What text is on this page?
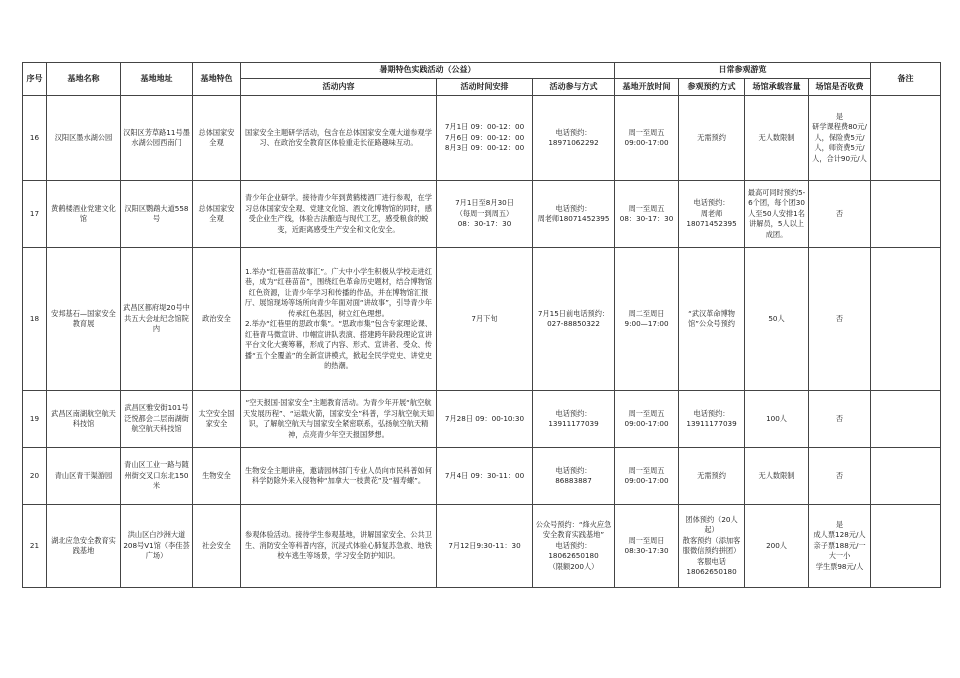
序号	基地名称	基地地址	基地特色	暑期特色实践活动（公益）			日常参观游览				备注
				活动内容	活动时间安排	活动参与方式	基地开放时间	参观预约方式	场馆承载容量	场馆是否收费	
16	汉阳区墨水湖公园	汉阳区芳草路11号墨水湖公园西南门	总体国家安全观	国家安全主题研学活动，包含在总体国家安全观大道参观学习、在政治安全教育区体验重走长征路趣味互动。	7月1日 09：00-12：00
7月6日 09：00-12：00
8月3日 09：00-12：00	电话预约：
18971062292	周一至周五
09:00-17:00	无需预约	无人数限制	是
研学课程费80元/人，保险费5元/人，师资费5元/人，合计90元/人	
17	黄鹤楼酒业党建文化馆	汉阳区鹦鹉大道558号	总体国家安全观	青少年企业研学。接待青少年到黄鹤楼酒厂进行参观，在学习总体国家安全观、党建文化馆、酒文化博物馆的同时，感受企业生产线，体验古法酿造与现代工艺，感受粮食的蜕变，近距离感受生产安全和文化安全。	7月1日至8月30日
（每周一到周五）
08：30-17：30	电话预约：
周老师18071452395	周一至周五
08：30-17：30	电话预约：
周老师
18071452395	最高可同时预约5-6个团，每个团30人至50人安排1名讲解员，5人以上成团。	否	
18	安邦基石—国家安全教育展	武昌区都府堤20号中共五大会址纪念馆院内	政治安全	1.举办“红巷苗苗故事汇”。广大中小学生积极从学校走进红巷，成为“红巷苗苗”，围绕红色革命历史题材，结合博物馆红色资源，让青少年学习和传播的作品，并在博物馆汇报厅、展馆现场等场所向青少年面对面“讲故事”，引导青少年传承红色基因，树立红色理想。
2.举办“红巷里的思政市集”。“思政市集”包含专家理论课、红巷青马微宣讲、巾帼宣讲队表演、搭建跨年龄段理论宣讲平台文化大赛筹幕，形成了内容、形式、宣讲者、受众、传播“五个全覆盖”的全新宣讲模式，掀起全民学党史、讲党史的热潮。	7月下旬	7月15日前电话预约：
027-88850322	周二至周日
9:00—17:00	“武汉革命博物馆”公众号预约	50人	否	
19	武昌区南湖航空航天科技馆	武昌区雅安街101号泛悦都会二层南湖街航空航天科技馆	太空安全国家安全	“空天报国·国家安全”主题教育活动。为青少年开展“航空航天发展历程”、“运载火箭，国家安全”科普，学习航空航天知识，了解航空航天与国家安全紧密联系，弘扬航空航天精神，点亮青少年空天报国梦想。	7月28日 09：00-10:30	电话预约：
13911177039	周一至周五
09:00-17:00	电话预约：
13911177039	100人	否	
20	青山区青干渠游园	青山区工业一路与随州街交叉口东北150米	生物安全	生物安全主题讲座，邀请园林部门专业人员向市民科普如何科学防除外来入侵物种“加拿大一枝黄花”及“福寿螺”。	7月4日 09：30-11：00	电话预约：
86883887	周一至周五
09:00-17:00	无需预约	无人数限制	否	
21	湖北应急安全教育实践基地	洪山区白沙洲大道208号V1馆（李佳荟广场）	社会安全	参观体验活动。接待学生参观基地，讲解国家安全、公共卫生、消防安全等科普内容，沉浸式体验心肺复苏急救、地铁校车逃生等场景，学习安全防护知识。	7月12日9:30-11：30	公众号预约：“烽火应急安全教育实践基地”
电话预约：
18062650180
（限额200人）	周一至周日
08:30-17:30	团体预约（20人起）
散客预约（添加客服微信预约拼团）
客服电话
18062650180	200人	是
成人票128元/人
亲子票188元/一大一小
学生票98元/人	
